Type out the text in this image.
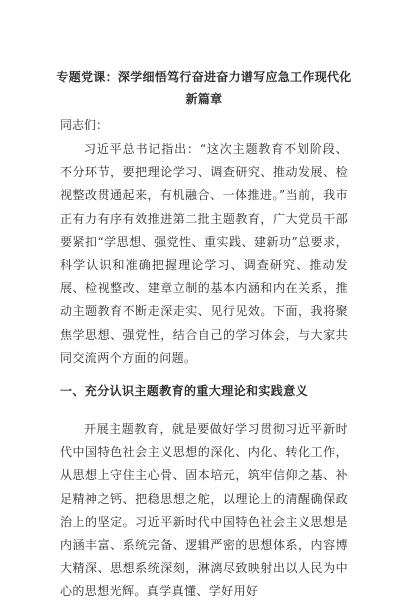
专题党课：深学细悟笃行奋进奋力谱写应急工作现代化新篇章
同志们：
习近平总书记指出：“这次主题教育不划阶段、不分环节，要把理论学习、调查研究、推动发展、检视整改贯通起来，有机融合、一体推进。”当前，我市正有力有序有效推进第二批主题教育，广大党员干部要紧扣“学思想、强党性、重实践、建新功”总要求，科学认识和准确把握理论学习、调查研究、推动发展、检视整改、建章立制的基本内涵和内在关系，推动主题教育不断走深走实、见行见效。下面，我将聚焦学思想、强党性，结合自己的学习体会，与大家共同交流两个方面的问题。
一、充分认识主题教育的重大理论和实践意义
开展主题教育，就是要做好学习贯彻习近平新时代中国特色社会主义思想的深化、内化、转化工作，从思想上守住主心骨、固本培元，筑牢信仰之基、补足精神之钙、把稳思想之舵，以理论上的清醒确保政治上的坚定。习近平新时代中国特色社会主义思想是内涵丰富、系统完备、逻辑严密的思想体系，内容博大精深、思想系统深刻，淋漓尽致映射出以人民为中心的思想光辉。真学真懂、学好用好
